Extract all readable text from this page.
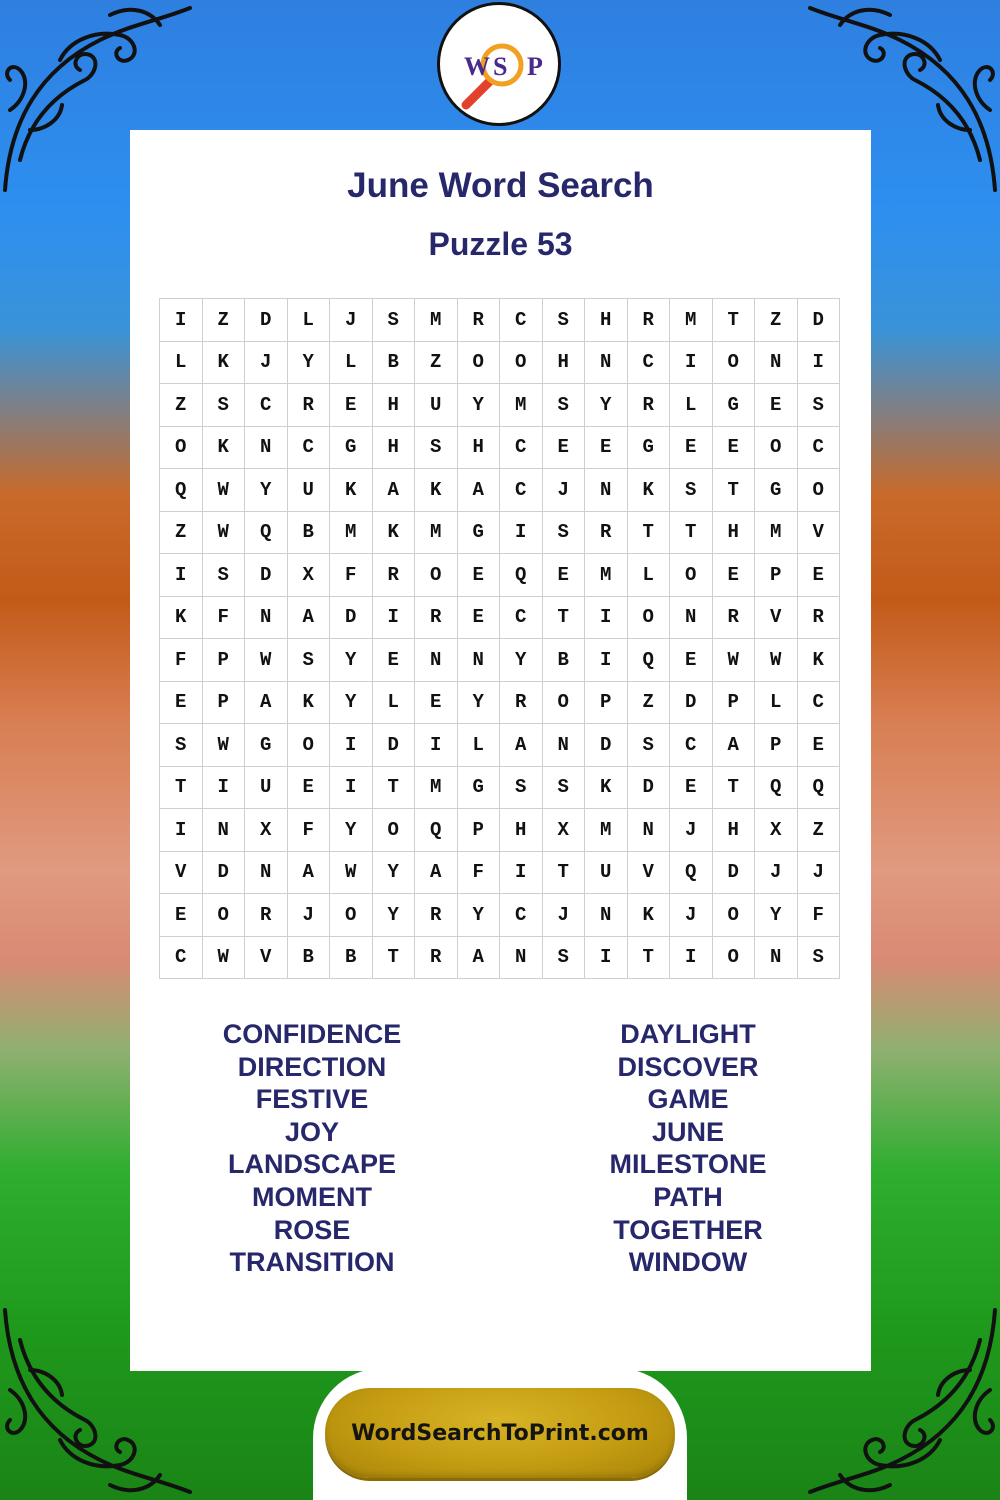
W S P
June Word Search
Puzzle 53
I	Z	D	L	J	S	M	R	C	S	H	R	M	T	Z	D
L	K	J	Y	L	B	Z	O	O	H	N	C	I	O	N	I
Z	S	C	R	E	H	U	Y	M	S	Y	R	L	G	E	S
O	K	N	C	G	H	S	H	C	E	E	G	E	E	O	C
Q	W	Y	U	K	A	K	A	C	J	N	K	S	T	G	O
Z	W	Q	B	M	K	M	G	I	S	R	T	T	H	M	V
I	S	D	X	F	R	O	E	Q	E	M	L	O	E	P	E
K	F	N	A	D	I	R	E	C	T	I	O	N	R	V	R
F	P	W	S	Y	E	N	N	Y	B	I	Q	E	W	W	K
E	P	A	K	Y	L	E	Y	R	O	P	Z	D	P	L	C
S	W	G	O	I	D	I	L	A	N	D	S	C	A	P	E
T	I	U	E	I	T	M	G	S	S	K	D	E	T	Q	Q
I	N	X	F	Y	O	Q	P	H	X	M	N	J	H	X	Z
V	D	N	A	W	Y	A	F	I	T	U	V	Q	D	J	J
E	O	R	J	O	Y	R	Y	C	J	N	K	J	O	Y	F
C	W	V	B	B	T	R	A	N	S	I	T	I	O	N	S
CONFIDENCE
DIRECTION
FESTIVE
JOY
LANDSCAPE
MOMENT
ROSE
TRANSITION
DAYLIGHT
DISCOVER
GAME
JUNE
MILESTONE
PATH
TOGETHER
WINDOW
WordSearchToPrint.com
